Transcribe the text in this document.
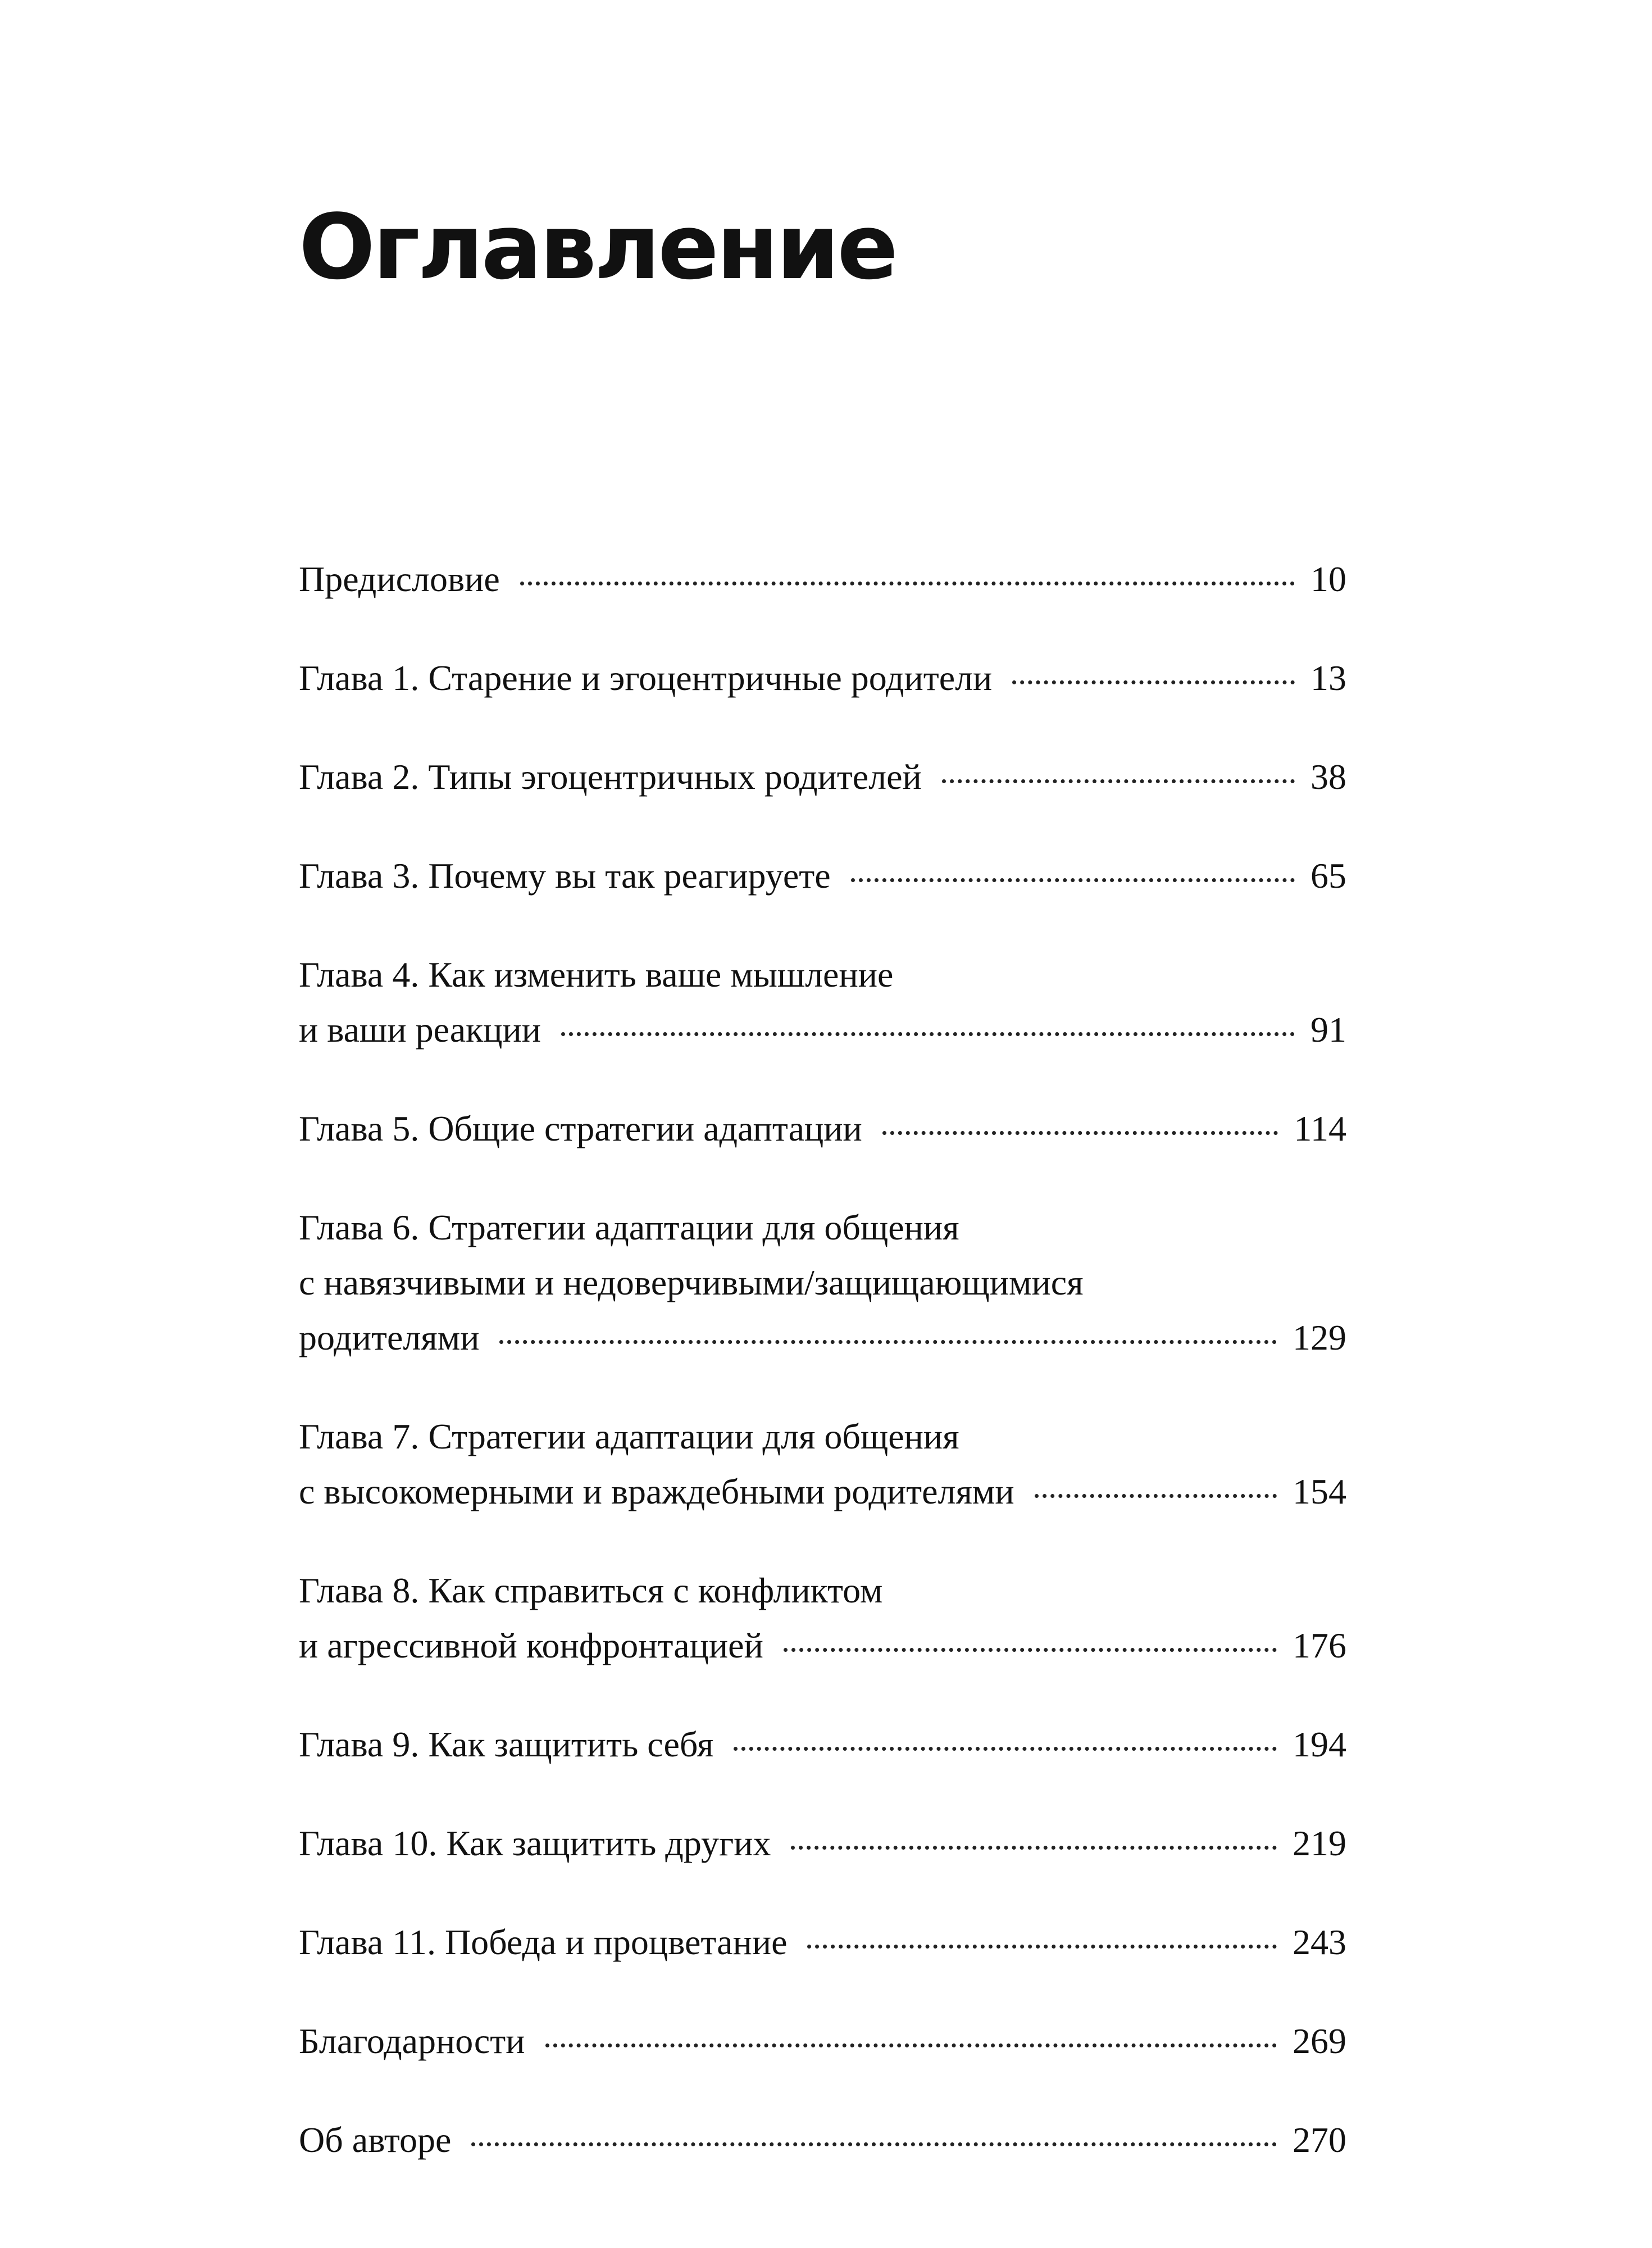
Оглавление
Предисловие	10
Глава 1. Старение и эгоцентричные родители	13
Глава 2. Типы эгоцентричных родителей	38
Глава 3. Почему вы так реагируете	65
Глава 4. Как изменить ваше мышление
и ваши реакции	91
Глава 5. Общие стратегии адаптации	114
Глава 6. Стратегии адаптации для общения
с навязчивыми и недоверчивыми/защищающимися
родителями	129
Глава 7. Стратегии адаптации для общения
с высокомерными и враждебными родителями	154
Глава 8. Как справиться с конфликтом
и агрессивной конфронтацией	176
Глава 9. Как защитить себя	194
Глава 10. Как защитить других	219
Глава 11. Победа и процветание	243
Благодарности	269
Об авторе	270
